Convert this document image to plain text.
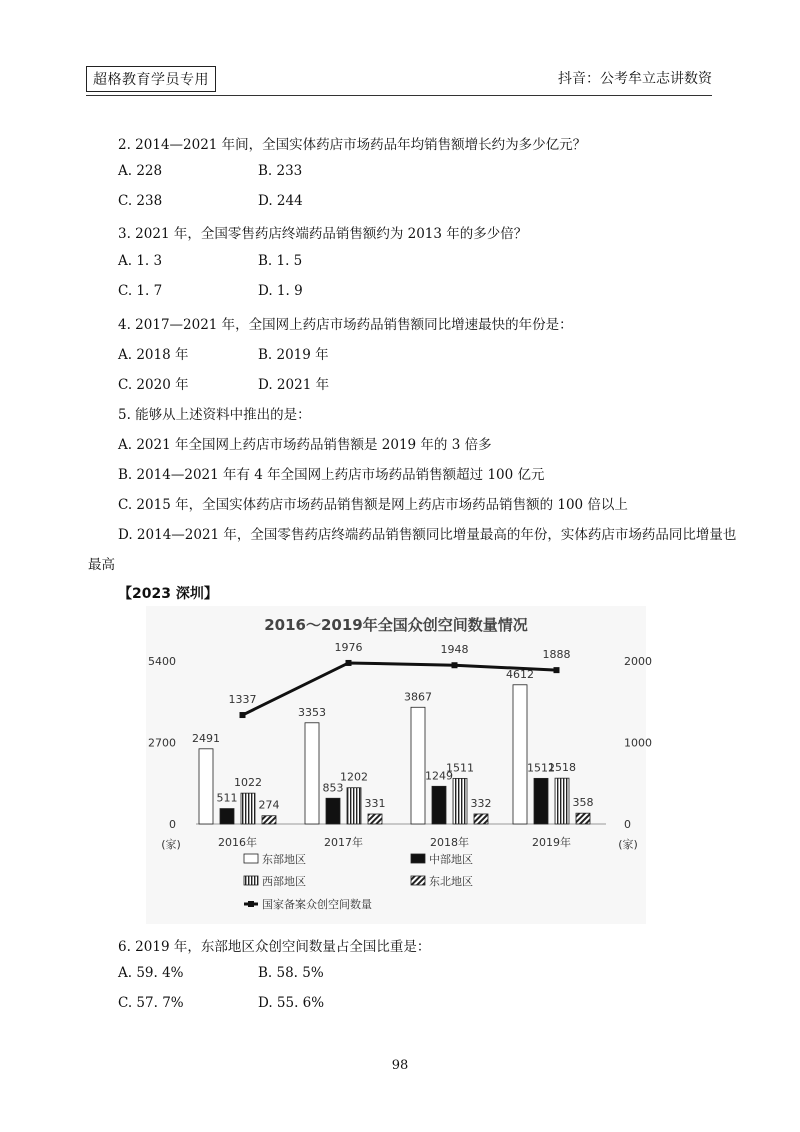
超格教育学员专用	抖音：公考牟立志讲数资
2. 2014—2021 年间，全国实体药店市场药品年均销售额增长约为多少亿元？
A. 228	B. 233
C. 238	D. 244
3. 2021 年，全国零售药店终端药品销售额约为 2013 年的多少倍？
A. 1. 3	B. 1. 5
C. 1. 7	D. 1. 9
4. 2017—2021 年，全国网上药店市场药品销售额同比增速最快的年份是：
A. 2018 年	B. 2019 年
C. 2020 年	D. 2021 年
5. 能够从上述资料中推出的是：
A. 2021 年全国网上药店市场药品销售额是 2019 年的 3 倍多
B. 2014—2021 年有 4 年全国网上药店市场药品销售额超过 100 亿元
C. 2015 年，全国实体药店市场药品销售额是网上药店市场药品销售额的 100 倍以上
D. 2014—2021 年，全国零售药店终端药品销售额同比增量最高的年份，实体药店市场药品同比增量也
最高
【2023 深圳】
2016～2019年全国众创空间数量情况
0
2700
5400
0
1000
2000
(家)	(家)
2491
511
1022
274
2016年
3353
853
1202
331
2017年
3867
1249
1511
332
2018年
4612
1512
1518
358
2019年
1337
1976	1948	1888
东部地区	中部地区
西部地区	东北地区
国家备案众创空间数量
6. 2019 年，东部地区众创空间数量占全国比重是：
A. 59. 4%	B. 58. 5%
C. 57. 7%	D. 55. 6%
98
